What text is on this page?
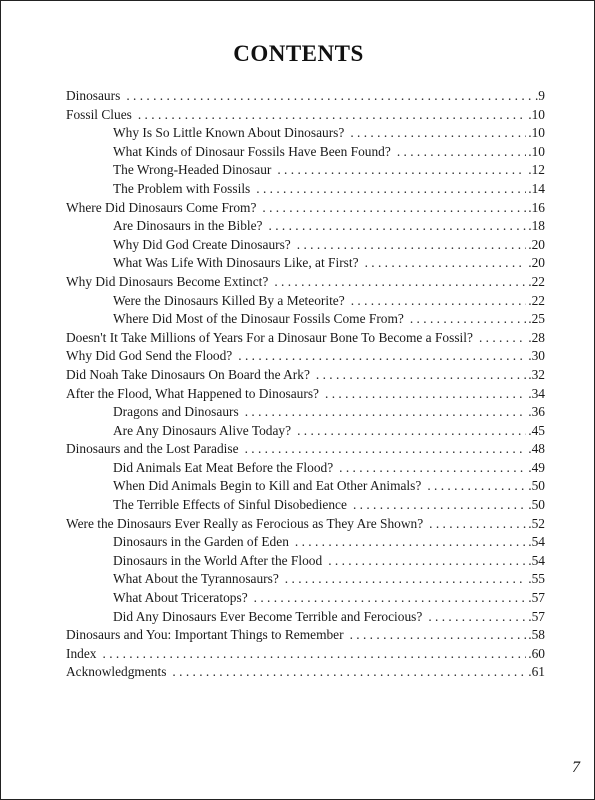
CONTENTS
Dinosaurs . . .	.9
Fossil Clues . . .	.10
Why Is So Little Known About Dinosaurs? . . .	.10
What Kinds of Dinosaur Fossils Have Been Found? . . .	.10
The Wrong-Headed Dinosaur . . .	.12
The Problem with Fossils . . .	.14
Where Did Dinosaurs Come From? . . .	.16
Are Dinosaurs in the Bible? . . .	.18
Why Did God Create Dinosaurs? . . .	.20
What Was Life With Dinosaurs Like, at First? . . .	.20
Why Did Dinosaurs Become Extinct? . . .	.22
Were the Dinosaurs Killed By a Meteorite? . . .	.22
Where Did Most of the Dinosaur Fossils Come From? . . .	.25
Doesn't It Take Millions of Years For a Dinosaur Bone To Become a Fossil? . . .	.28
Why Did God Send the Flood? . . .	.30
Did Noah Take Dinosaurs On Board the Ark? . . .	.32
After the Flood, What Happened to Dinosaurs? . . .	.34
Dragons and Dinosaurs . . .	.36
Are Any Dinosaurs Alive Today? . . .	.45
Dinosaurs and the Lost Paradise . . .	.48
Did Animals Eat Meat Before the Flood? . . .	.49
When Did Animals Begin to Kill and Eat Other Animals? . . .	.50
The Terrible Effects of Sinful Disobedience . . .	.50
Were the Dinosaurs Ever Really as Ferocious as They Are Shown? . . .	.52
Dinosaurs in the Garden of Eden . . .	.54
Dinosaurs in the World After the Flood . . .	.54
What About the Tyrannosaurs? . . .	.55
What About Triceratops? . . .	.57
Did Any Dinosaurs Ever Become Terrible and Ferocious? . . .	.57
Dinosaurs and You: Important Things to Remember . . .	.58
Index . . .	.60
Acknowledgments . . .	.61
7
